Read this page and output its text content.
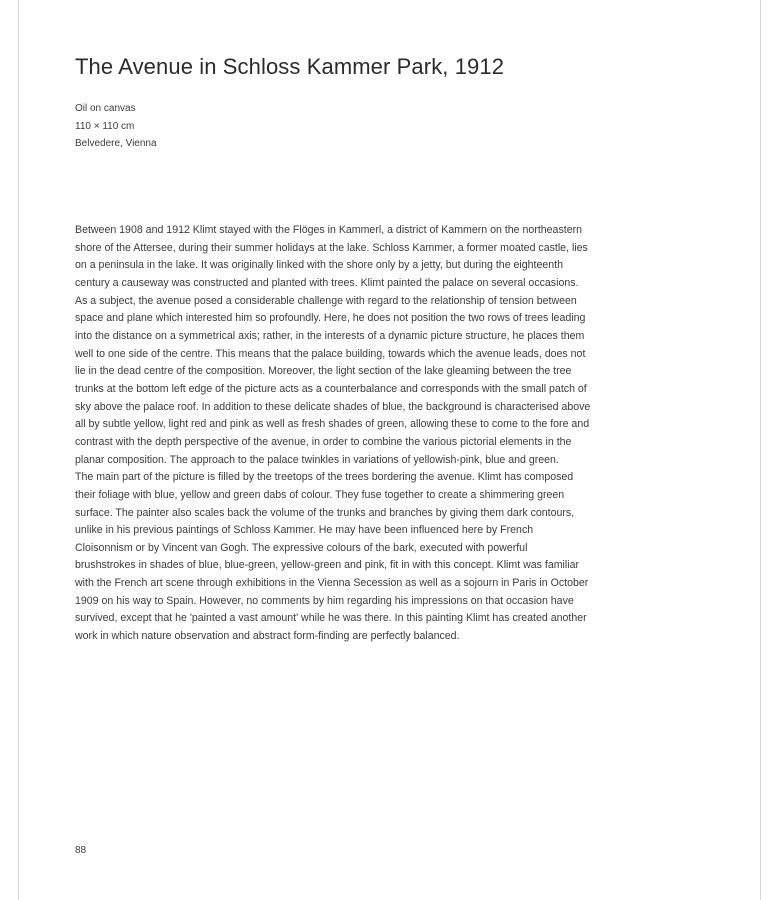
The Avenue in Schloss Kammer Park, 1912
Oil on canvas
110 × 110 cm
Belvedere, Vienna

Between 1908 and 1912 Klimt stayed with the Flöges in Kammerl, a district of Kammern on the northeastern shore of the Attersee, during their summer holidays at the lake. Schloss Kammer, a former moated castle, lies on a peninsula in the lake. It was originally linked with the shore only by a jetty, but during the eighteenth century a causeway was constructed and planted with trees. Klimt painted the palace on several occasions. As a subject, the avenue posed a considerable challenge with regard to the relationship of tension between space and plane which interested him so profoundly. Here, he does not position the two rows of trees leading into the distance on a symmetrical axis; rather, in the interests of a dynamic picture structure, he places them well to one side of the centre. This means that the palace building, towards which the avenue leads, does not lie in the dead centre of the composition. Moreover, the light section of the lake gleaming between the tree trunks at the bottom left edge of the picture acts as a counterbalance and corresponds with the small patch of sky above the palace roof. In addition to these delicate shades of blue, the background is characterised above all by subtle yellow, light red and pink as well as fresh shades of green, allowing these to come to the fore and contrast with the depth perspective of the avenue, in order to combine the various pictorial elements in the planar composition. The approach to the palace twinkles in variations of yellowish-pink, blue and green.

The main part of the picture is filled by the treetops of the trees bordering the avenue. Klimt has composed their foliage with blue, yellow and green dabs of colour. They fuse together to create a shimmering green surface. The painter also scales back the volume of the trunks and branches by giving them dark contours, unlike in his previous paintings of Schloss Kammer. He may have been influenced here by French Cloisonnism or by Vincent van Gogh. The expressive colours of the bark, executed with powerful brushstrokes in shades of blue, blue-green, yellow-green and pink, fit in with this concept. Klimt was familiar with the French art scene through exhibitions in the Vienna Secession as well as a sojourn in Paris in October 1909 on his way to Spain. However, no comments by him regarding his impressions on that occasion have survived, except that he 'painted a vast amount' while he was there. In this painting Klimt has created another work in which nature observation and abstract form-finding are perfectly balanced.

88
